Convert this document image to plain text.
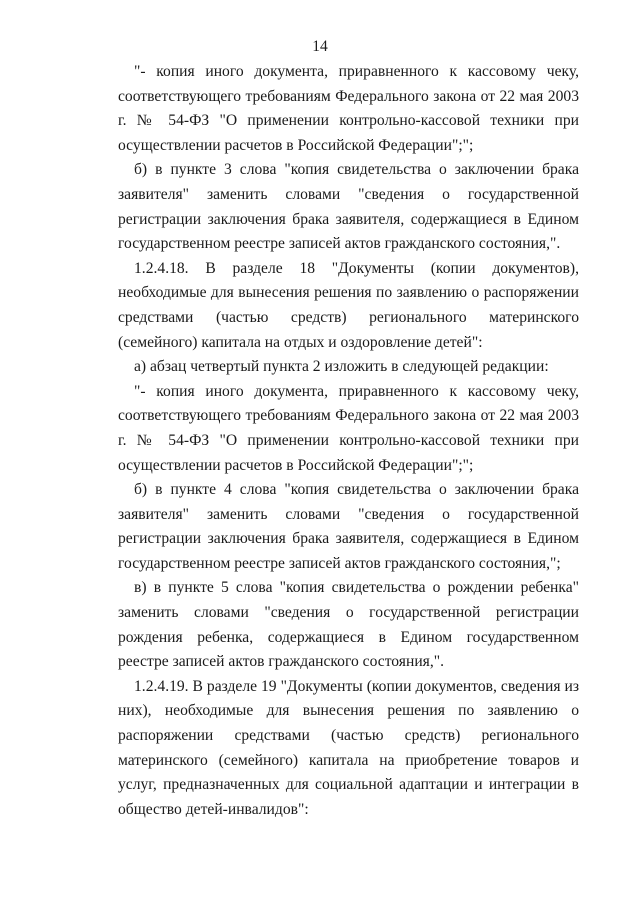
14

"- копия иного документа, приравненного к кассовому чеку, соответствующего требованиям Федерального закона от 22 мая 2003 г. № 54-ФЗ "О применении контрольно-кассовой техники при осуществлении расчетов в Российской Федерации";";

б) в пункте 3 слова "копия свидетельства о заключении брака заявителя" заменить словами "сведения о государственной регистрации заключения брака заявителя, содержащиеся в Едином государственном реестре записей актов гражданского состояния,".

1.2.4.18. В разделе 18 "Документы (копии документов), необходимые для вынесения решения по заявлению о распоряжении средствами (частью средств) регионального материнского (семейного) капитала на отдых и оздоровление детей":

а) абзац четвертый пункта 2 изложить в следующей редакции:

"- копия иного документа, приравненного к кассовому чеку, соответствующего требованиям Федерального закона от 22 мая 2003 г. № 54-ФЗ "О применении контрольно-кассовой техники при осуществлении расчетов в Российской Федерации";";

б) в пункте 4 слова "копия свидетельства о заключении брака заявителя" заменить словами "сведения о государственной регистрации заключения брака заявителя, содержащиеся в Едином государственном реестре записей актов гражданского состояния,";

в) в пункте 5 слова "копия свидетельства о рождении ребенка" заменить словами "сведения о государственной регистрации рождения ребенка, содержащиеся в Едином государственном реестре записей актов гражданского состояния,".

1.2.4.19. В разделе 19 "Документы (копии документов, сведения из них), необходимые для вынесения решения по заявлению о распоряжении средствами (частью средств) регионального материнского (семейного) капитала на приобретение товаров и услуг, предназначенных для социальной адаптации и интеграции в общество детей-инвалидов":
